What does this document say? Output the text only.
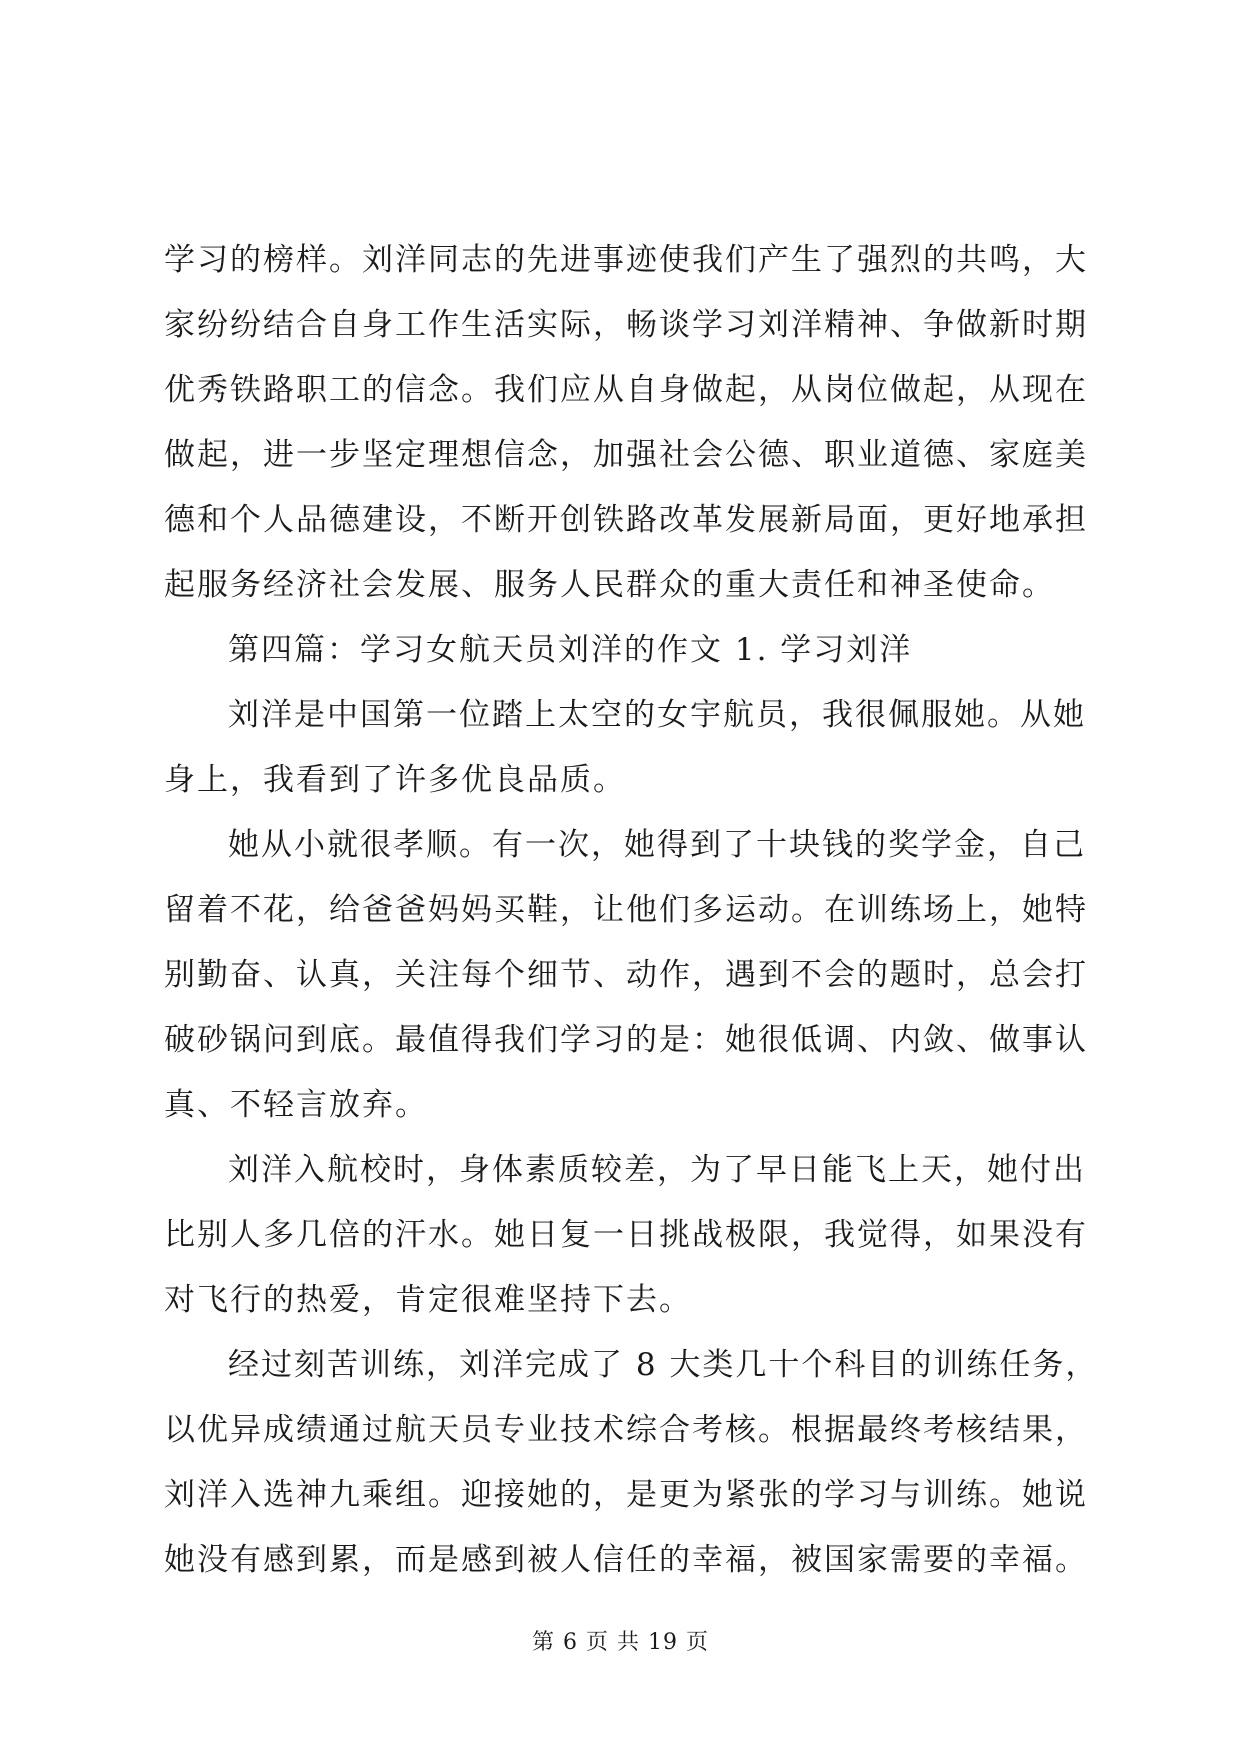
学习的榜样。刘洋同志的先进事迹使我们产生了强烈的共鸣，大
家纷纷结合自身工作生活实际，畅谈学习刘洋精神、争做新时期
优秀铁路职工的信念。我们应从自身做起，从岗位做起，从现在
做起，进一步坚定理想信念，加强社会公德、职业道德、家庭美
德和个人品德建设，不断开创铁路改革发展新局面，更好地承担
起服务经济社会发展、服务人民群众的重大责任和神圣使命。
第四篇：学习女航天员刘洋的作文 1. 学习刘洋
刘洋是中国第一位踏上太空的女宇航员，我很佩服她。从她
身上，我看到了许多优良品质。
她从小就很孝顺。有一次，她得到了十块钱的奖学金，自己
留着不花，给爸爸妈妈买鞋，让他们多运动。在训练场上，她特
别勤奋、认真，关注每个细节、动作，遇到不会的题时，总会打
破砂锅问到底。最值得我们学习的是：她很低调、内敛、做事认
真、不轻言放弃。
刘洋入航校时，身体素质较差，为了早日能飞上天，她付出
比别人多几倍的汗水。她日复一日挑战极限，我觉得，如果没有
对飞行的热爱，肯定很难坚持下去。
经过刻苦训练，刘洋完成了 8 大类几十个科目的训练任务，
以优异成绩通过航天员专业技术综合考核。根据最终考核结果，
刘洋入选神九乘组。迎接她的，是更为紧张的学习与训练。她说
她没有感到累，而是感到被人信任的幸福，被国家需要的幸福。
第 6 页 共 19 页
